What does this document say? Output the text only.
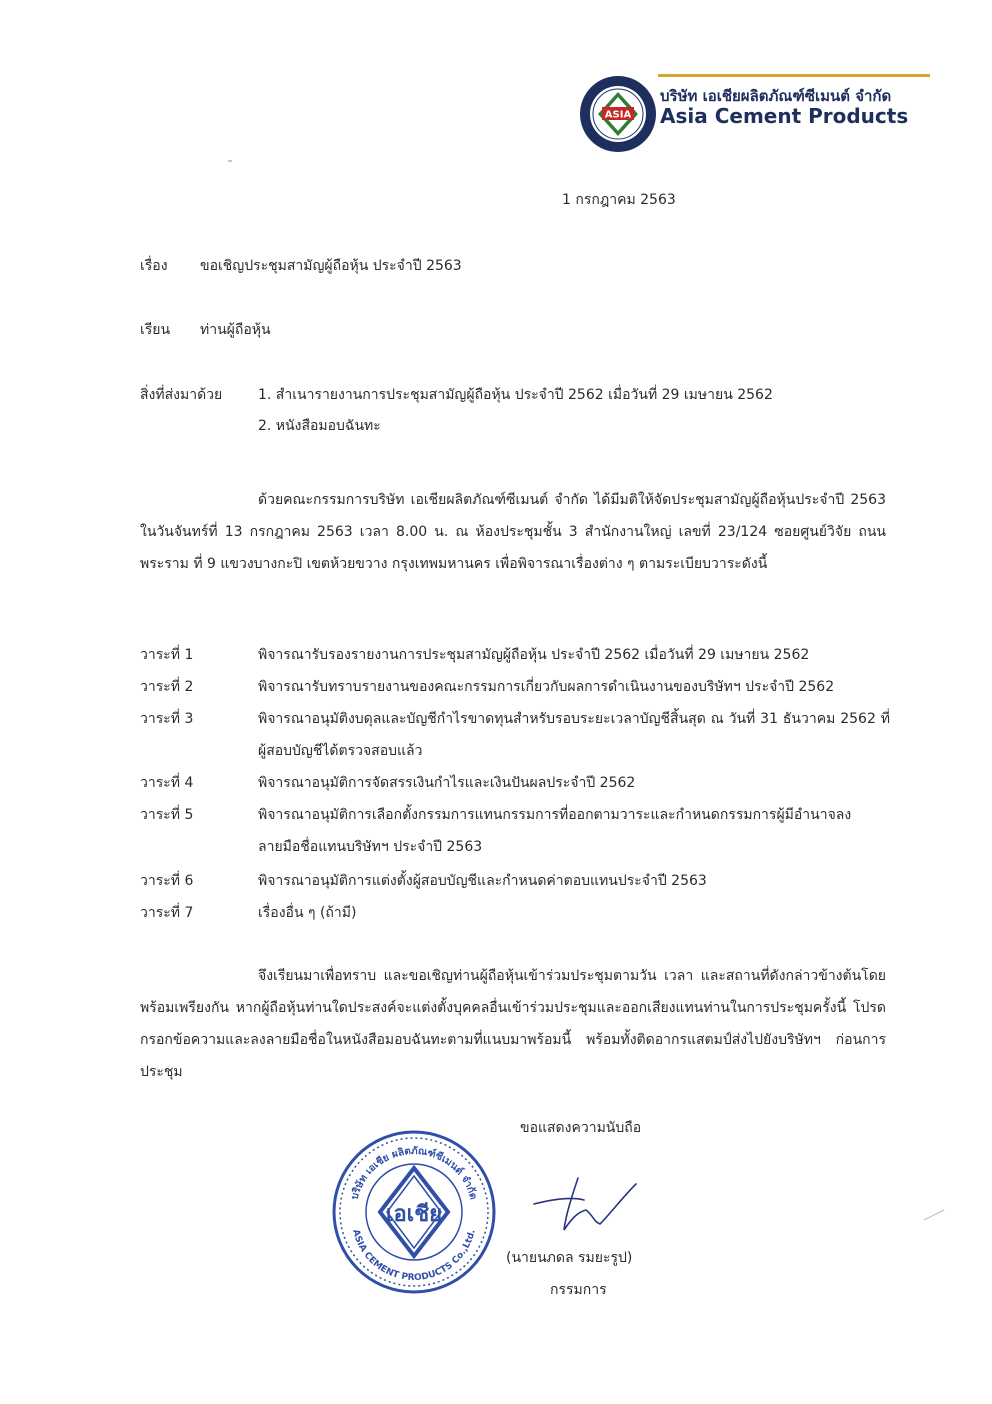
ASIA
บริษัท เอเชียผลิตภัณฑ์ซีเมนต์ จำกัด
Asia Cement Products
1 กรกฎาคม 2563
เรื่อง ขอเชิญประชุมสามัญผู้ถือหุ้น ประจำปี 2563
เรียน ท่านผู้ถือหุ้น
สิ่งที่ส่งมาด้วย	1. สำเนารายงานการประชุมสามัญผู้ถือหุ้น ประจำปี 2562 เมื่อวันที่ 29 เมษายน 2562
2. หนังสือมอบฉันทะ

ด้วยคณะกรรมการบริษัท เอเชียผลิตภัณฑ์ซีเมนต์ จำกัด ได้มีมติให้จัดประชุมสามัญผู้ถือหุ้นประจำปี 2563 ในวันจันทร์ที่ 13 กรกฎาคม 2563 เวลา 8.00 น. ณ ห้องประชุมชั้น 3 สำนักงานใหญ่ เลขที่ 23/124 ซอยศูนย์วิจัย ถนนพระราม ที่ 9 แขวงบางกะปิ เขตห้วยขวาง กรุงเทพมหานคร เพื่อพิจารณาเรื่องต่าง ๆ ตามระเบียบวาระดังนี้

วาระที่ 1	พิจารณารับรองรายงานการประชุมสามัญผู้ถือหุ้น ประจำปี 2562 เมื่อวันที่ 29 เมษายน 2562
วาระที่ 2	พิจารณารับทราบรายงานของคณะกรรมการเกี่ยวกับผลการดำเนินงานของบริษัทฯ ประจำปี 2562
วาระที่ 3	พิจารณาอนุมัติงบดุลและบัญชีกำไรขาดทุนสำหรับรอบระยะเวลาบัญชีสิ้นสุด ณ วันที่ 31 ธันวาคม 2562 ที่ผู้สอบบัญชีได้ตรวจสอบแล้ว
วาระที่ 4	พิจารณาอนุมัติการจัดสรรเงินกำไรและเงินปันผลประจำปี 2562
วาระที่ 5	พิจารณาอนุมัติการเลือกตั้งกรรมการแทนกรรมการที่ออกตามวาระและกำหนดกรรมการผู้มีอำนาจลงลายมือชื่อแทนบริษัทฯ ประจำปี 2563
วาระที่ 6	พิจารณาอนุมัติการแต่งตั้งผู้สอบบัญชีและกำหนดค่าตอบแทนประจำปี 2563
วาระที่ 7	เรื่องอื่น ๆ (ถ้ามี)

จึงเรียนมาเพื่อทราบ และขอเชิญท่านผู้ถือหุ้นเข้าร่วมประชุมตามวัน เวลา และสถานที่ดังกล่าวข้างต้นโดยพร้อมเพรียงกัน หากผู้ถือหุ้นท่านใดประสงค์จะแต่งตั้งบุคคลอื่นเข้าร่วมประชุมและออกเสียงแทนท่านในการประชุมครั้งนี้ โปรดกรอกข้อความและลงลายมือชื่อในหนังสือมอบฉันทะตามที่แนบมาพร้อมนี้ พร้อมทั้งติดอากรแสตมป์ส่งไปยังบริษัทฯ ก่อนการประชุม

ขอแสดงความนับถือ
บริษัท เอเชีย ผลิตภัณฑ์ซีเมนต์ จำกัด
ASIA CEMENT PRODUCTS Co.,Ltd.
เอเชีย
(นายนภดล รมยะรูป)
กรรมการ
